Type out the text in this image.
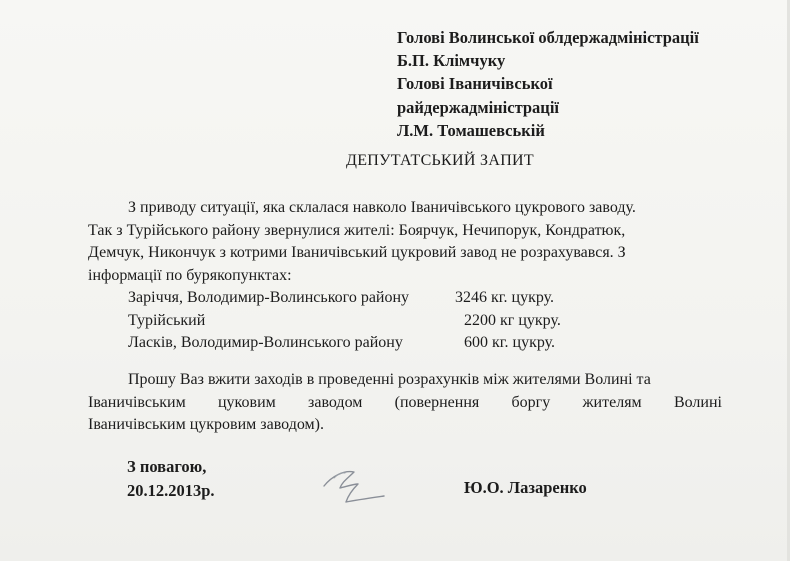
Голові Волинської облдержадміністрації
Б.П. Клімчуку
Голові Іваничівської
райдержадміністрації
Л.М. Томашевській
ДЕПУТАТСЬКИЙ ЗАПИТ
З приводу ситуації, яка склалася навколо Іваничівського цукрового заводу.
Так з Турійського району звернулися жителі: Боярчук, Нечипорук, Кондратюк,
Демчук, Никончук з котрими Іваничівський цукровий завод не розрахувався. З
інформації по бурякопунктах:
Заріччя, Володимир-Волинського району	3246 кг. цукру.
Турійський	2200 кг цукру.
Ласків, Володимир-Волинського району	600 кг. цукру.
Прошу Ваз вжити заходів в проведенні розрахунків між жителями Волині та
Іваничівським цуковим заводом (повернення боргу жителям Волині
Іваничівським цукровим заводом).
З повагою,
20.12.2013р.	Ю.О. Лазаренко
